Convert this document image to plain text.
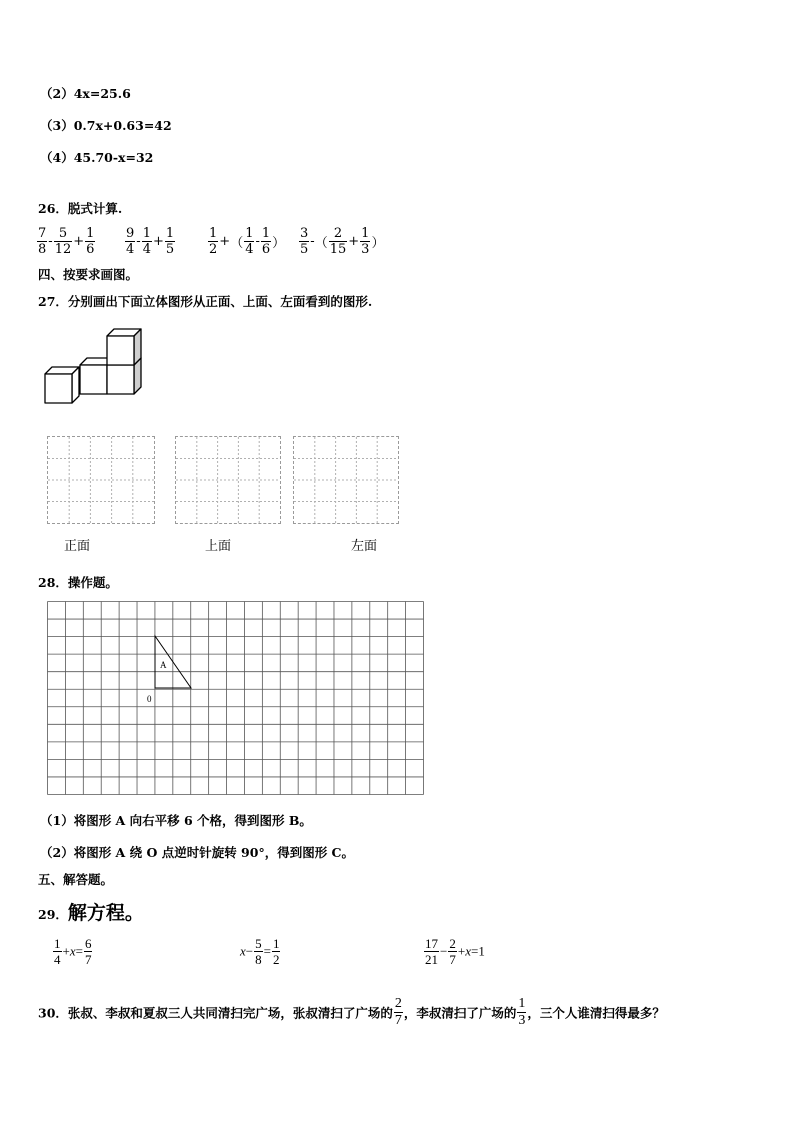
（2）4x=25.6
（3）0.7x+0.63=42
（4）45.70-x=32
26．脱式计算.
$\frac{7}{8} - \frac{5}{12} + \frac{1}{6} \frac{9}{4} - \frac{1}{4} + \frac{1}{5}$	$\frac{1}{2}$ +（ $\frac{1}{4} - \frac{1}{6}$ ） $\frac{3}{5}$ -（ $\frac{2}{15} + \frac{1}{3}$ ）
四、按要求画图。
27．分别画出下面立体图形从正面、上面、左面看到的图形.
正面	上面	左面
28．操作题。
A
0
（1）将图形 A 向右平移 6 个格，得到图形 B。
（2）将图形 A 绕 O 点逆时针旋转 90°，得到图形 C。
五、解答题。
29．解方程。
$\frac{1}{4} +x= \frac{6}{7}$	$x- \frac{5}{8} = \frac{1}{2}$	$\frac{17}{21} - \frac{2}{7} +x=1$
30．张叔、李叔和夏叔三人共同清扫完广场，张叔清扫了广场的 $\frac{2}{7}$ ，李叔清扫了广场的 $\frac{1}{3}$ ，三个人谁清扫得最多？
